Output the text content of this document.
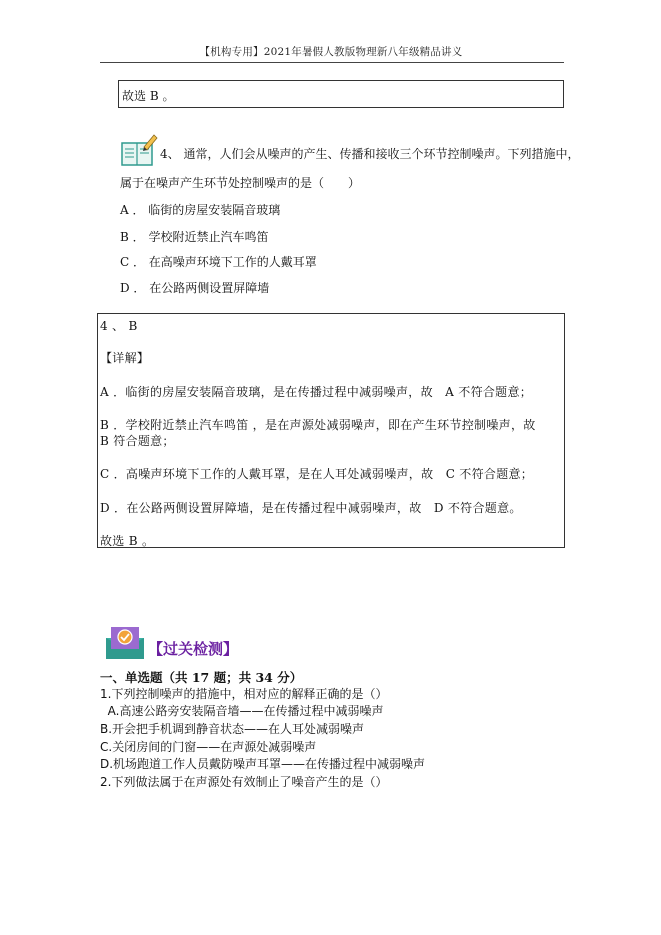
【机构专用】2021年暑假人教版物理新八年级精品讲义
故选 B 。
4、 通常，人们会从噪声的产生、传播和接收三个环节控制噪声。下列措施中，
属于在噪声产生环节处控制噪声的是（　　）
A ． 临街的房屋安装隔音玻璃
B ． 学校附近禁止汽车鸣笛
C ． 在高噪声环境下工作的人戴耳罩
D ． 在公路两侧设置屏障墙
4 、 B
【详解】
A ．临街的房屋安装隔音玻璃，是在传播过程中减弱噪声，故　A 不符合题意；
B ．学校附近禁止汽车鸣笛 ，是在声源处减弱噪声，即在产生环节控制噪声，故
B 符合题意；
C ．高噪声环境下工作的人戴耳罩，是在人耳处减弱噪声，故　C 不符合题意；
D ．在公路两侧设置屏障墙，是在传播过程中减弱噪声，故　D 不符合题意。
故选 B 。
【过关检测】
一、单选题（共 17 题；共 34 分）
1.下列控制噪声的措施中，相对应的解释正确的是（）
A.高速公路旁安装隔音墙——在传播过程中减弱噪声
B.开会把手机调到静音状态——在人耳处减弱噪声
C.关闭房间的门窗——在声源处减弱噪声
D.机场跑道工作人员戴防噪声耳罩——在传播过程中减弱噪声
2.下列做法属于在声源处有效制止了噪音产生的是（）
